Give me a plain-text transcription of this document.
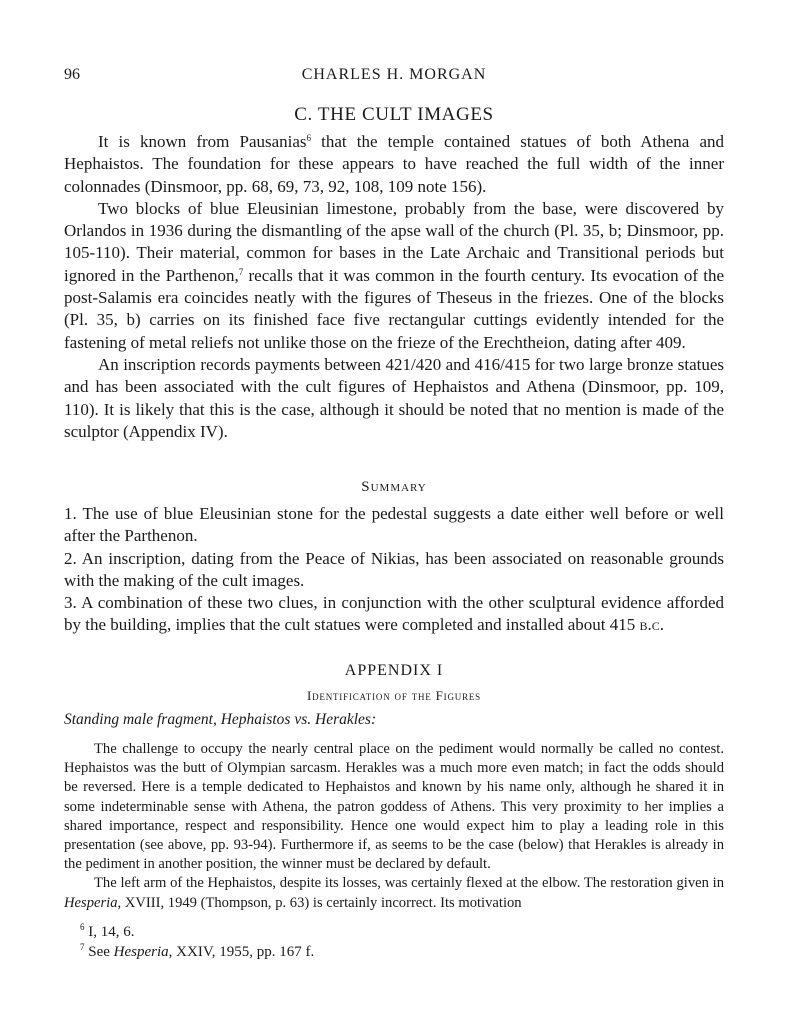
96	CHARLES H. MORGAN
C. THE CULT IMAGES

It is known from Pausanias$^6$ that the temple contained statues of both Athena and Hephaistos. The foundation for these appears to have reached the full width of the inner colonnades (Dinsmoor, pp. 68, 69, 73, 92, 108, 109 note 156).

Two blocks of blue Eleusinian limestone, probably from the base, were discovered by Orlandos in 1936 during the dismantling of the apse wall of the church (Pl. 35, b; Dinsmoor, pp. 105-110). Their material, common for bases in the Late Archaic and Transitional periods but ignored in the Parthenon,$^7$ recalls that it was common in the fourth century. Its evocation of the post-Salamis era coincides neatly with the figures of Theseus in the friezes. One of the blocks (Pl. 35, b) carries on its finished face five rectangular cuttings evidently intended for the fastening of metal reliefs not unlike those on the frieze of the Erechtheion, dating after 409.

An inscription records payments between 421/420 and 416/415 for two large bronze statues and has been associated with the cult figures of Hephaistos and Athena (Dinsmoor, pp. 109, 110). It is likely that this is the case, although it should be noted that no mention is made of the sculptor (Appendix IV).

Summary

1. The use of blue Eleusinian stone for the pedestal suggests a date either well before or well after the Parthenon.

2. An inscription, dating from the Peace of Nikias, has been associated on reasonable grounds with the making of the cult images.

3. A combination of these two clues, in conjunction with the other sculptural evidence afforded by the building, implies that the cult statues were completed and installed about 415 b.c.

APPENDIX I
Identification of the Figures
Standing male fragment, Hephaistos vs. Herakles:

The challenge to occupy the nearly central place on the pediment would normally be called no contest. Hephaistos was the butt of Olympian sarcasm. Herakles was a much more even match; in fact the odds should be reversed. Here is a temple dedicated to Hephaistos and known by his name only, although he shared it in some indeterminable sense with Athena, the patron goddess of Athens. This very proximity to her implies a shared importance, respect and responsibility. Hence one would expect him to play a leading role in this presentation (see above, pp. 93-94). Furthermore if, as seems to be the case (below) that Herakles is already in the pediment in another position, the winner must be declared by default.

The left arm of the Hephaistos, despite its losses, was certainly flexed at the elbow. The restoration given in Hesperia, XVIII, 1949 (Thompson, p. 63) is certainly incorrect. Its motivation

$^6$ I, 14, 6.
$^7$ See Hesperia, XXIV, 1955, pp. 167 f.
